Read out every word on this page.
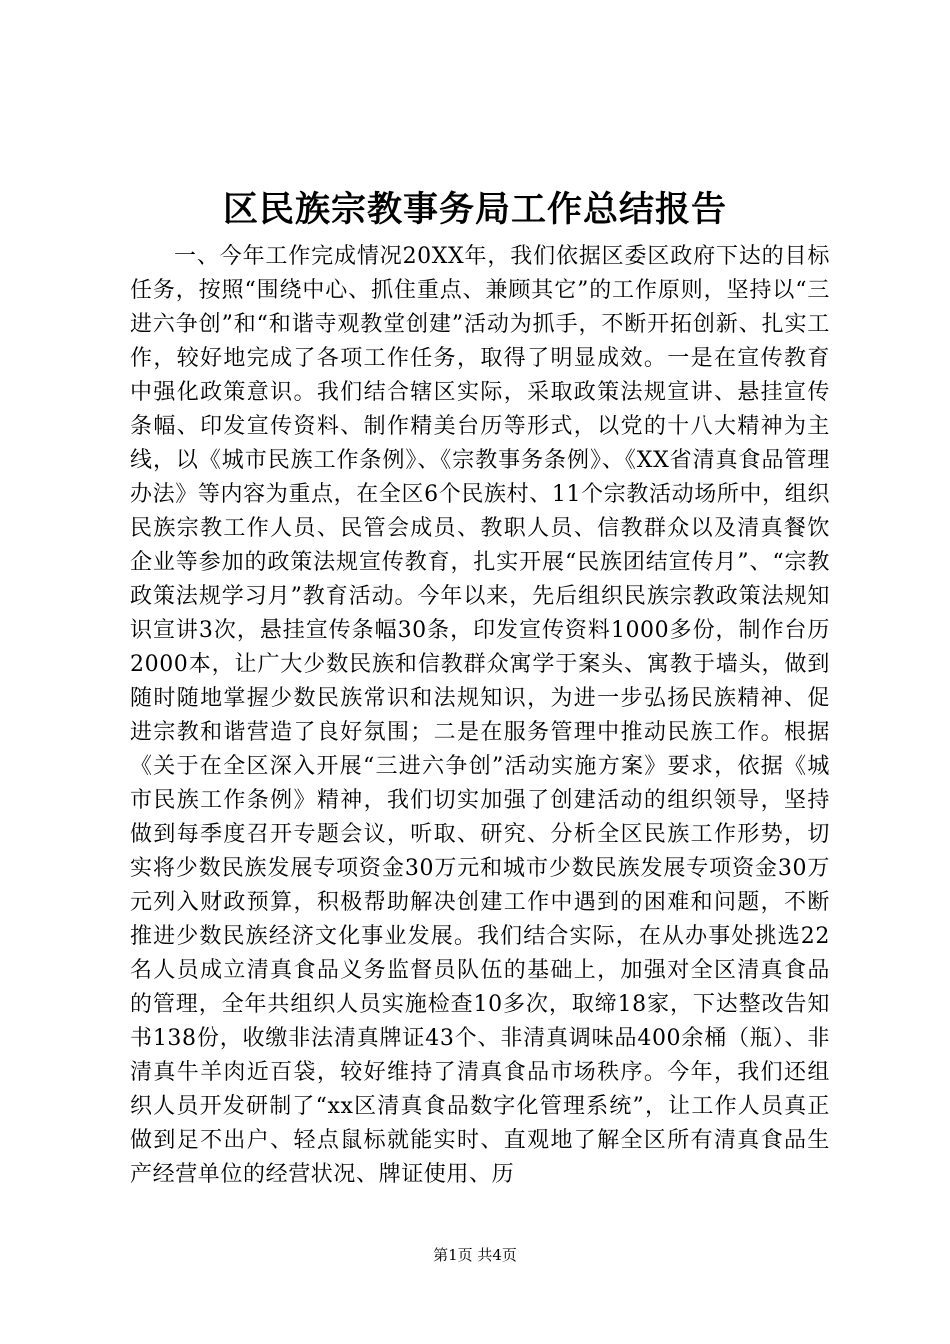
区民族宗教事务局工作总结报告

一、今年工作完成情况20XX年，我们依据区委区政府下达的目标任务，按照“围绕中心、抓住重点、兼顾其它”的工作原则，坚持以“三进六争创”和“和谐寺观教堂创建”活动为抓手，不断开拓创新、扎实工作，较好地完成了各项工作任务，取得了明显成效。一是在宣传教育中强化政策意识。我们结合辖区实际，采取政策法规宣讲、悬挂宣传条幅、印发宣传资料、制作精美台历等形式，以党的十八大精神为主线，以《城市民族工作条例》、《宗教事务条例》、《XX省清真食品管理办法》等内容为重点，在全区6个民族村、11个宗教活动场所中，组织民族宗教工作人员、民管会成员、教职人员、信教群众以及清真餐饮企业等参加的政策法规宣传教育，扎实开展“民族团结宣传月”、“宗教政策法规学习月”教育活动。今年以来，先后组织民族宗教政策法规知识宣讲3次，悬挂宣传条幅30条，印发宣传资料1000多份，制作台历2000本，让广大少数民族和信教群众寓学于案头、寓教于墙头，做到随时随地掌握少数民族常识和法规知识，为进一步弘扬民族精神、促进宗教和谐营造了良好氛围；二是在服务管理中推动民族工作。根据《关于在全区深入开展“三进六争创”活动实施方案》要求，依据《城市民族工作条例》精神，我们切实加强了创建活动的组织领导，坚持做到每季度召开专题会议，听取、研究、分析全区民族工作形势，切实将少数民族发展专项资金30万元和城市少数民族发展专项资金30万元列入财政预算，积极帮助解决创建工作中遇到的困难和问题，不断推进少数民族经济文化事业发展。我们结合实际，在从办事处挑选22名人员成立清真食品义务监督员队伍的基础上，加强对全区清真食品的管理，全年共组织人员实施检查10多次，取缔18家，下达整改告知书138份，收缴非法清真牌证43个、非清真调味品400余桶（瓶）、非清真牛羊肉近百袋，较好维持了清真食品市场秩序。今年，我们还组织人员开发研制了“xx区清真食品数字化管理系统”，让工作人员真正做到足不出户、轻点鼠标就能实时、直观地了解全区所有清真食品生产经营单位的经营状况、牌证使用、历

第1页 共4页
